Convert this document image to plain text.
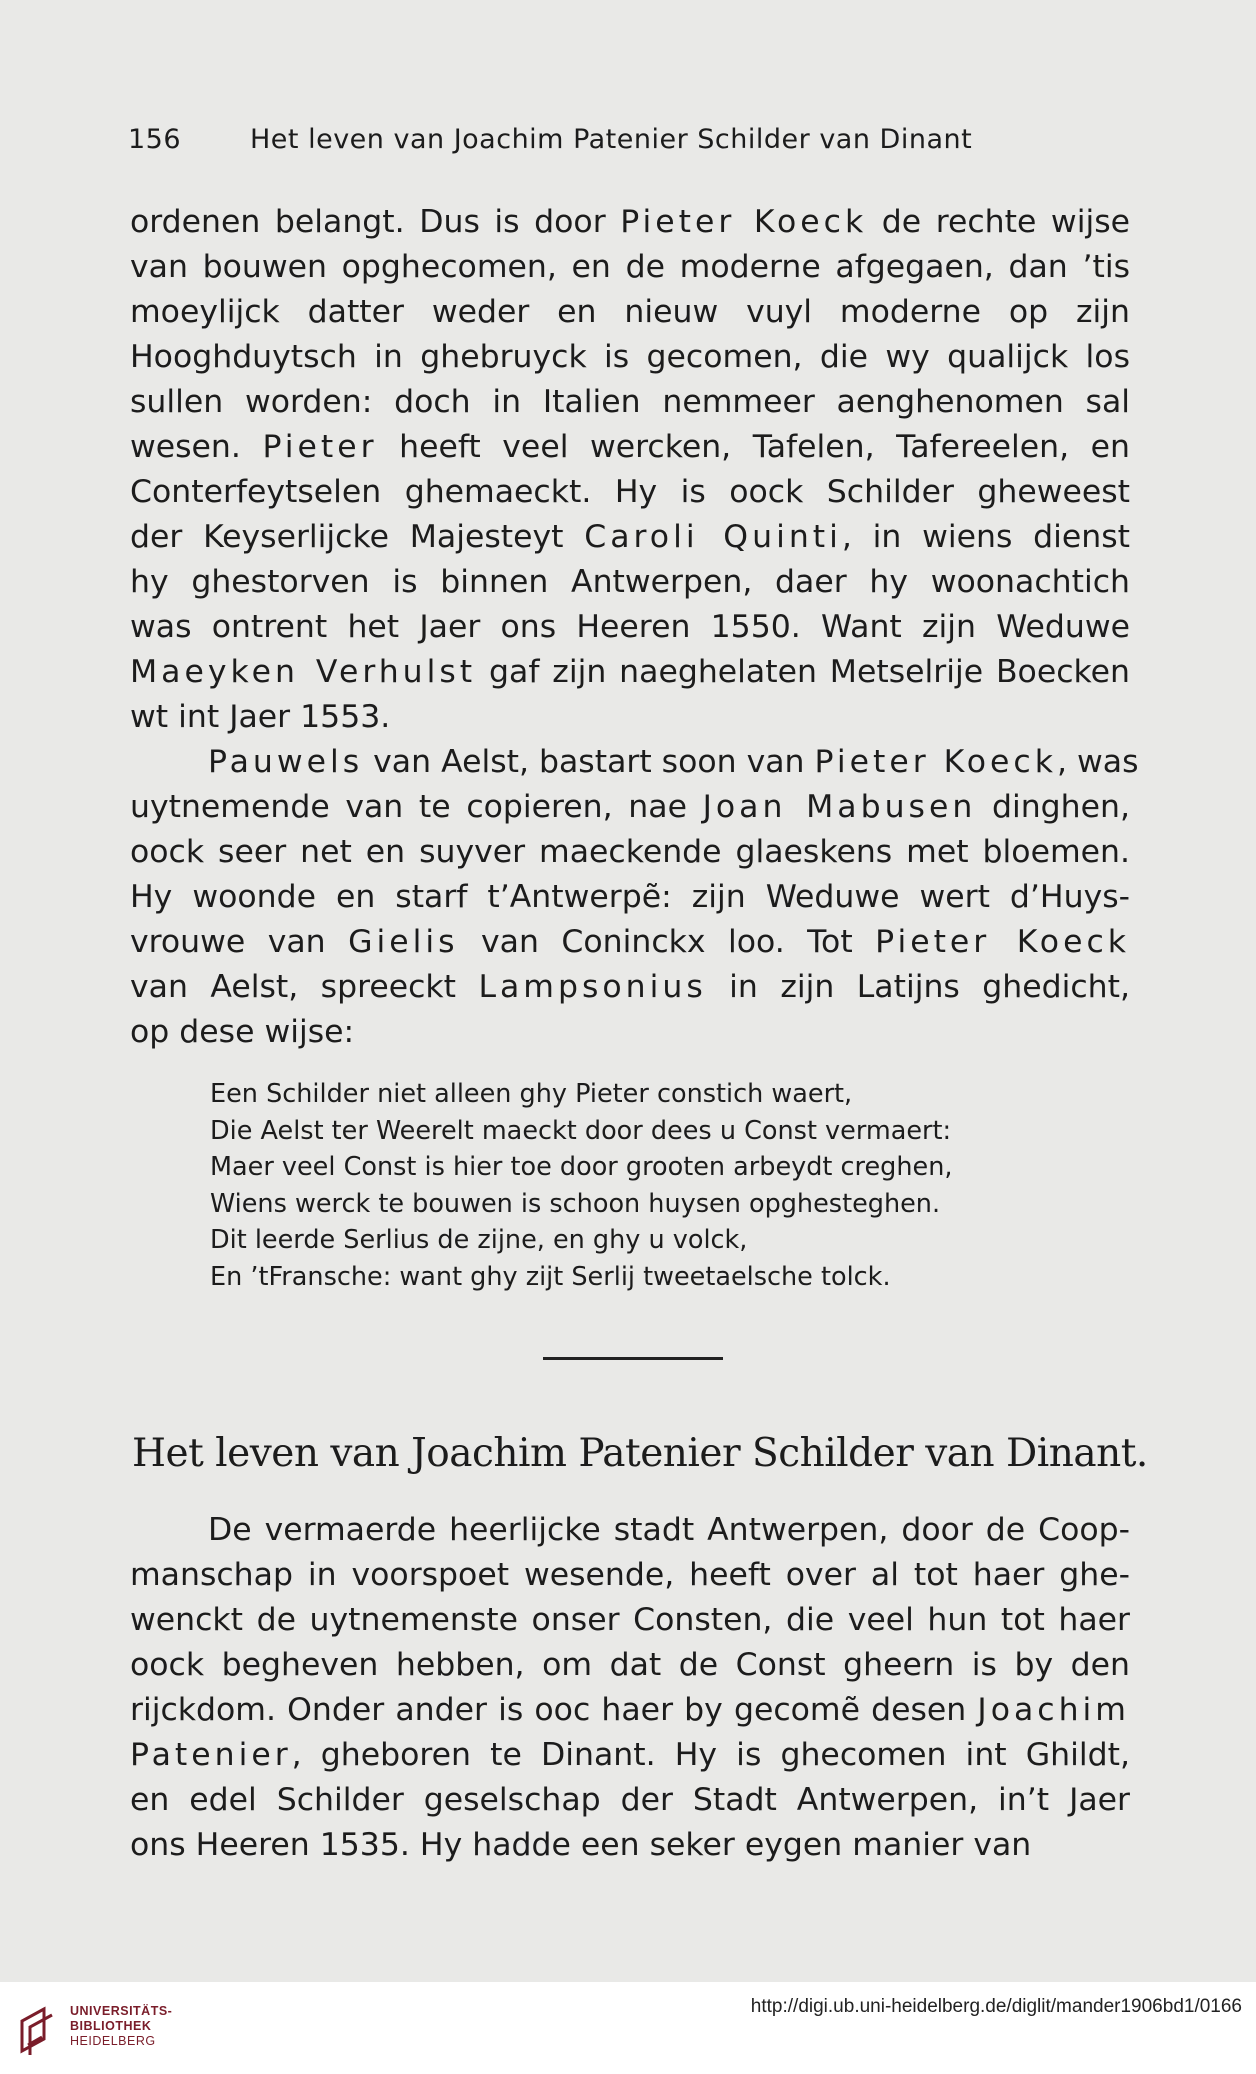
156	Het leven van Joachim Patenier Schilder van Dinant
ordenen belangt. Dus is door Pieter Koeck de rechte wijse
van bouwen opghecomen, en de moderne afgegaen, dan ’tis
moeylijck datter weder en nieuw vuyl moderne op zijn
Hooghduytsch in ghebruyck is gecomen, die wy qualijck los
sullen worden: doch in Italien nemmeer aenghenomen sal
wesen. Pieter heeft veel wercken, Tafelen, Tafereelen, en
Conterfeytselen ghemaeckt. Hy is oock Schilder gheweest
der Keyserlijcke Majesteyt Caroli Quinti, in wiens dienst
hy ghestorven is binnen Antwerpen, daer hy woonachtich
was ontrent het Jaer ons Heeren 1550. Want zijn Weduwe
Maeyken Verhulst gaf zijn naeghelaten Metselrije Boecken
wt int Jaer 1553.
Pauwels van Aelst, bastart soon van Pieter Koeck, was
uytnemende van te copieren, nae Joan Mabusen dinghen,
oock seer net en suyver maeckende glaeskens met bloemen.
Hy woonde en starf t’Antwerpẽ: zijn Weduwe wert d’Huys-
vrouwe van Gielis van Coninckx loo. Tot Pieter Koeck
van Aelst, spreeckt Lampsonius in zijn Latijns ghedicht,
op dese wijse:
Een Schilder niet alleen ghy Pieter constich waert,
Die Aelst ter Weerelt maeckt door dees u Const vermaert:
Maer veel Const is hier toe door grooten arbeydt creghen,
Wiens werck te bouwen is schoon huysen opghesteghen.
Dit leerde Serlius de zijne, en ghy u volck,
En ’tFransche: want ghy zijt Serlij tweetaelsche tolck.
Het leven van Joachim Patenier Schilder van Dinant.
De vermaerde heerlijcke stadt Antwerpen, door de Coop-
manschap in voorspoet wesende, heeft over al tot haer ghe-
wenckt de uytnemenste onser Consten, die veel hun tot haer
oock begheven hebben, om dat de Const gheern is by den
rijckdom. Onder ander is ooc haer by gecomẽ desen Joachim
Patenier, gheboren te Dinant. Hy is ghecomen int Ghildt,
en edel Schilder geselschap der Stadt Antwerpen, in’t Jaer
ons Heeren 1535. Hy hadde een seker eygen manier van
UNIVERSITÄTS-
BIBLIOTHEK
HEIDELBERG
http://digi.ub.uni-heidelberg.de/diglit/mander1906bd1/0166
